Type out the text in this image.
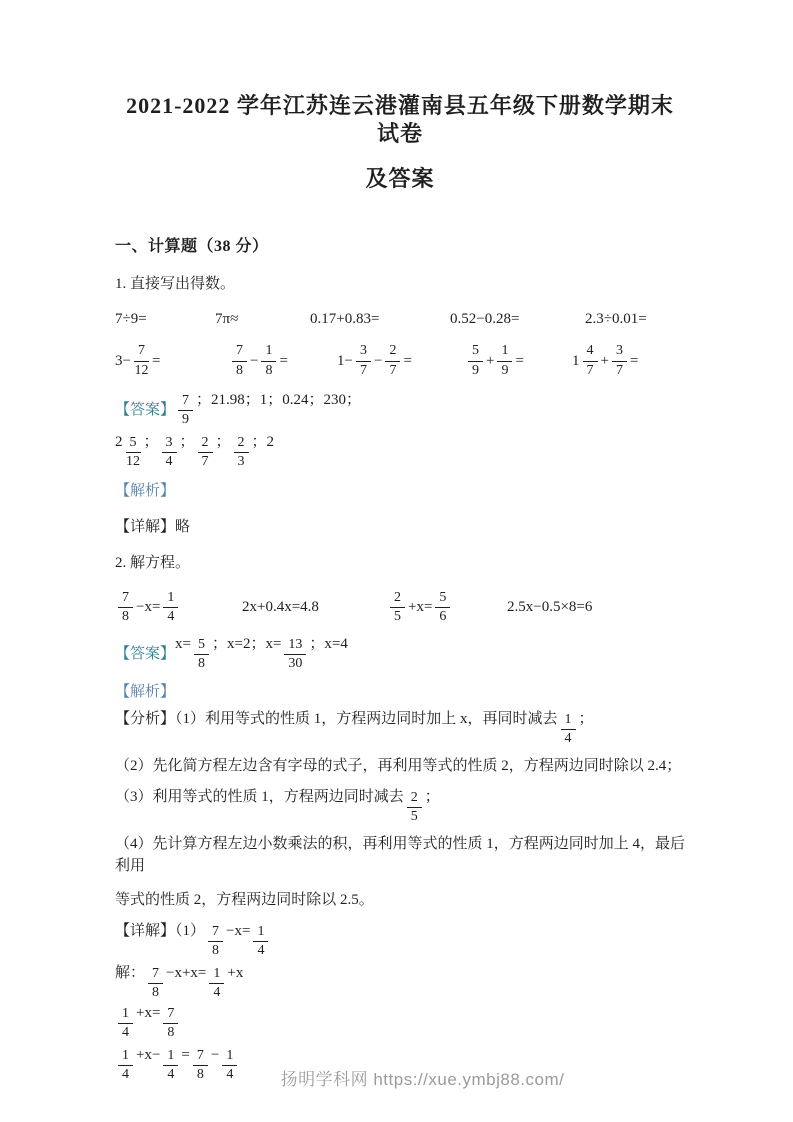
2021-2022 学年江苏连云港灌南县五年级下册数学期末试卷
及答案
一、计算题（38 分）
1. 直接写出得数。
7÷9=	7π≈	0.17+0.83=	0.52−0.28=	2.3÷0.01=
$3- \frac{7}{12}$ =	$\frac{7}{8} - \frac{1}{8}$ =	$1- \frac{3}{7} - \frac{2}{7}$ =	$\frac{5}{9} + \frac{1}{9}$ =	$1 \frac{4}{7} + \frac{3}{7}$ =
【答案】 $\frac{7}{9}$ ；21.98；1；0.24；230；
$2 \frac{5}{12}$ ； $\frac{3}{4}$ ； $\frac{2}{7}$ ； $\frac{2}{3}$ ；2
【解析】
【详解】略
2. 解方程。
$\frac{7}{8} -x= \frac{1}{4}$	2x+0.4x=4.8	$\frac{2}{5} +x= \frac{5}{6}$	2.5x−0.5×8=6
【答案】
$x= \frac{5}{8}$ ；x=2；$x= \frac{13}{30}$ ；x=4
【解析】
【分析】（1）利用等式的性质 1，方程两边同时加上 x，再同时减去 $\frac{1}{4}$ ；
（2）先化简方程左边含有字母的式子，再利用等式的性质 2，方程两边同时除以 2.4；
（3）利用等式的性质 1，方程两边同时减去 $\frac{2}{5}$ ；
（4）先计算方程左边小数乘法的积，再利用等式的性质 1，方程两边同时加上 4，最后利用
等式的性质 2，方程两边同时除以 2.5。
【详解】$(1) \frac{7}{8} -x= \frac{1}{4}$
解： $\frac{7}{8} -x+x= \frac{1}{4} +x$
$\frac{1}{4} +x= \frac{7}{8}$
$\frac{1}{4} +x- \frac{1}{4} = \frac{7}{8} - \frac{1}{4}$	扬明学科网 https://xue.ymbj88.com/
